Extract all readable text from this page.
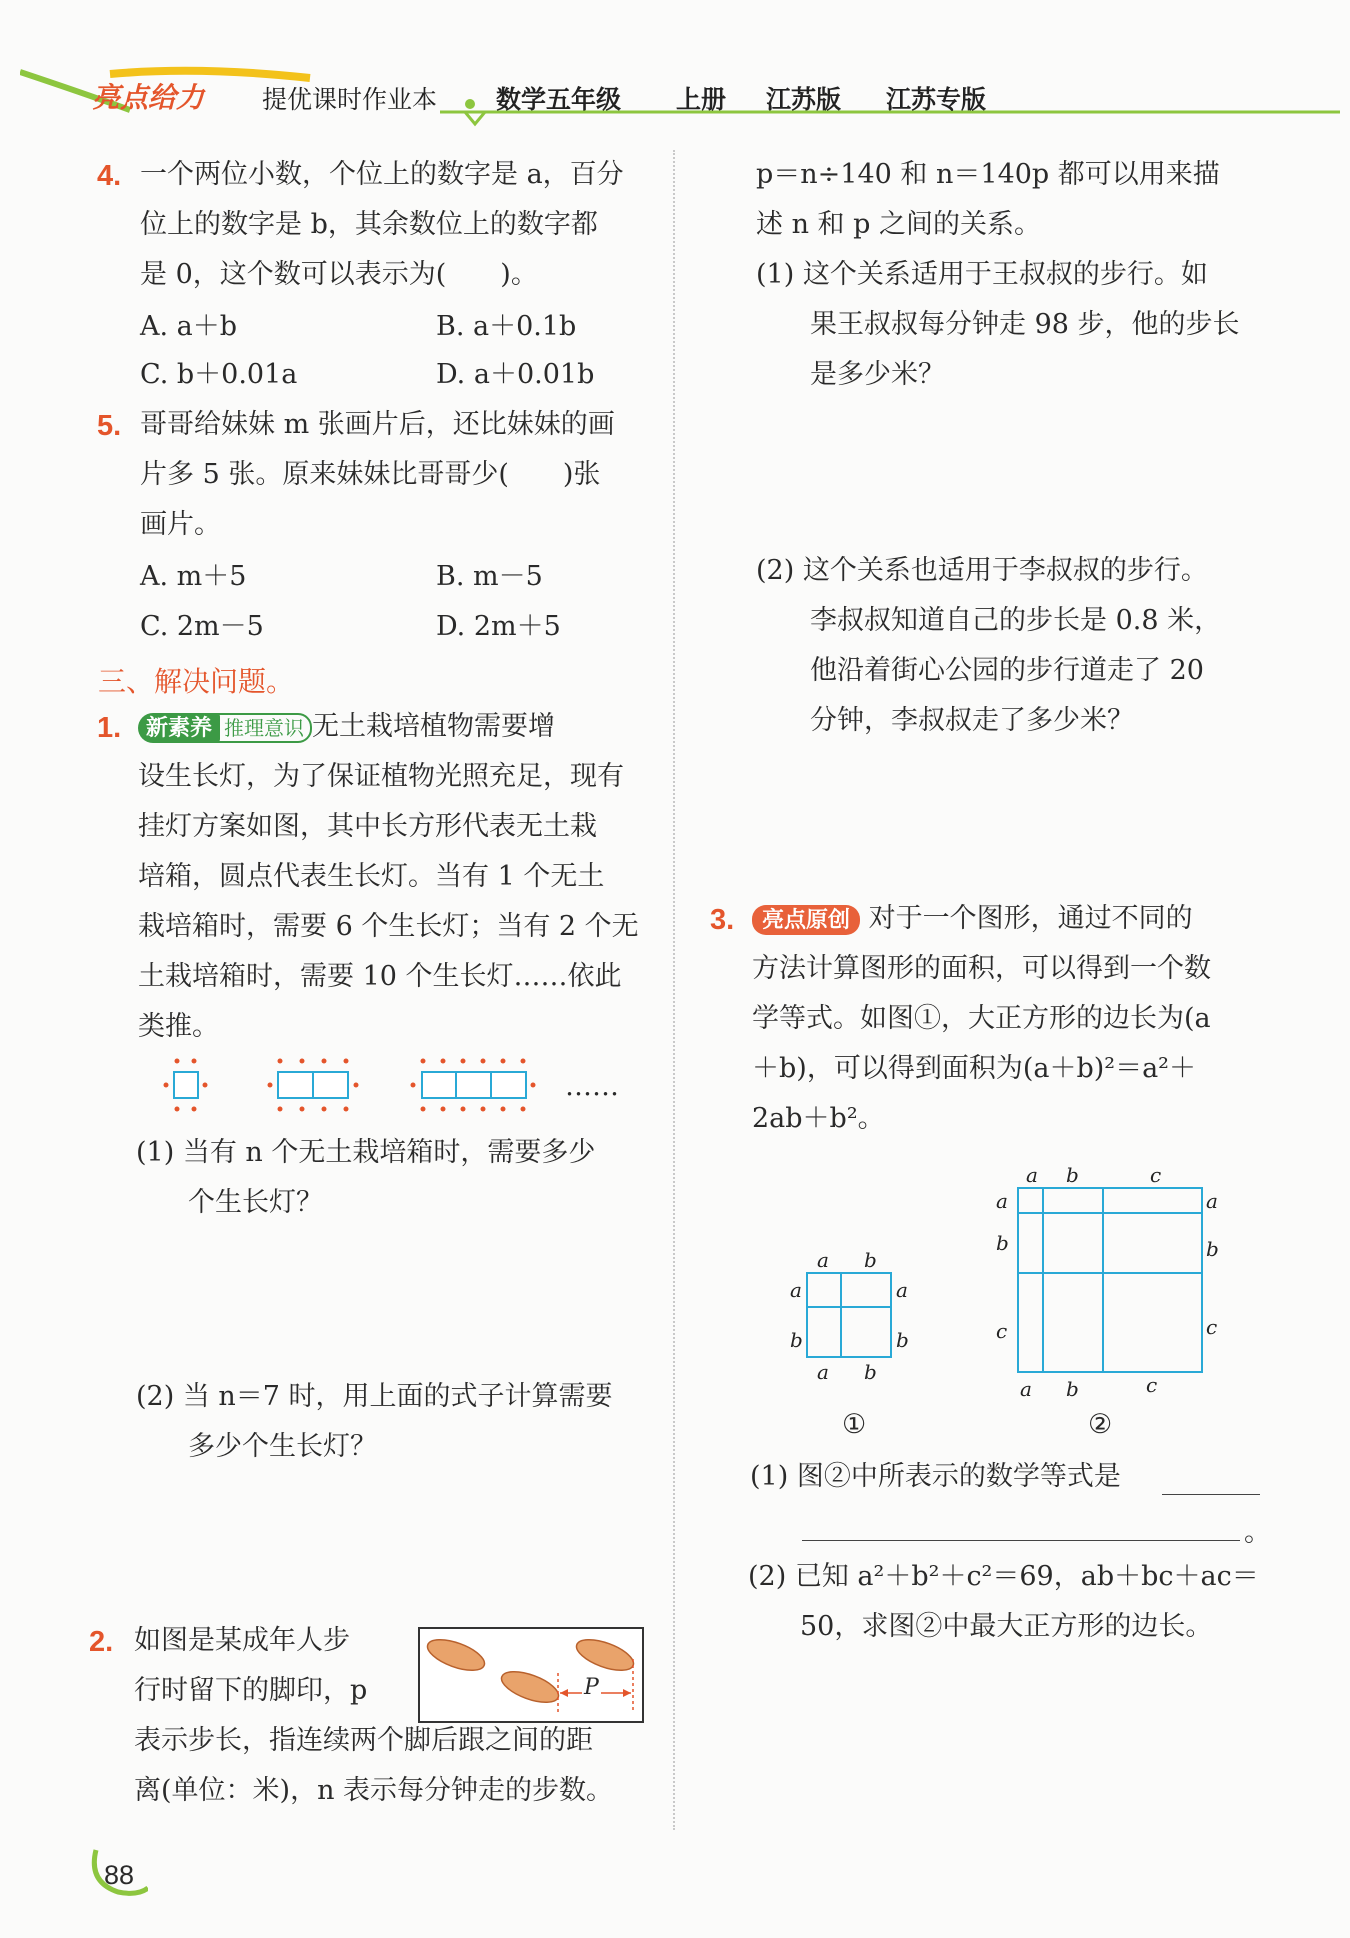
亮点给力 提优课时作业本 数学五年级 上册 江苏版 江苏专版
4. 一个两位小数，个位上的数字是 a，百分
位上的数字是 b，其余数位上的数字都
是 0，这个数可以表示为(　　)。
A. a＋b	B. a＋0.1b
C. b＋0.01a	D. a＋0.01b
5. 哥哥给妹妹 m 张画片后，还比妹妹的画
片多 5 张。原来妹妹比哥哥少(　　)张
画片。
A. m＋5	B. m－5
C. 2m－5	D. 2m＋5
三、解决问题。
1.	新素养 推理意识 无土栽培植物需要增
设生长灯，为了保证植物光照充足，现有
挂灯方案如图，其中长方形代表无土栽
培箱，圆点代表生长灯。当有 1 个无土
栽培箱时，需要 6 个生长灯；当有 2 个无
土栽培箱时，需要 10 个生长灯……依此
类推。
……
(1) 当有 n 个无土栽培箱时，需要多少
个生长灯？
(2) 当 n＝7 时，用上面的式子计算需要
多少个生长灯？
2. 如图是某成年人步
行时留下的脚印，p
表示步长，指连续两个脚后跟之间的距
离(单位：米)，n 表示每分钟走的步数。
P
88
p＝n÷140 和 n＝140p 都可以用来描
述 n 和 p 之间的关系。
(1) 这个关系适用于王叔叔的步行。如
果王叔叔每分钟走 98 步，他的步长
是多少米？
(2) 这个关系也适用于李叔叔的步行。
李叔叔知道自己的步长是 0.8 米，
他沿着街心公园的步行道走了 20
分钟，李叔叔走了多少米？
3.	亮点原创 对于一个图形，通过不同的
方法计算图形的面积，可以得到一个数
学等式。如图①，大正方形的边长为(a
＋b)，可以得到面积为(a＋b)²＝a²＋
2ab＋b²。
a b
a	a
b	b
a b
①
a b	c
a	a
b	b
c	c
a b	c
②
(1) 图②中所表示的数学等式是
。
(2) 已知 a²＋b²＋c²＝69，ab＋bc＋ac＝
50，求图②中最大正方形的边长。
